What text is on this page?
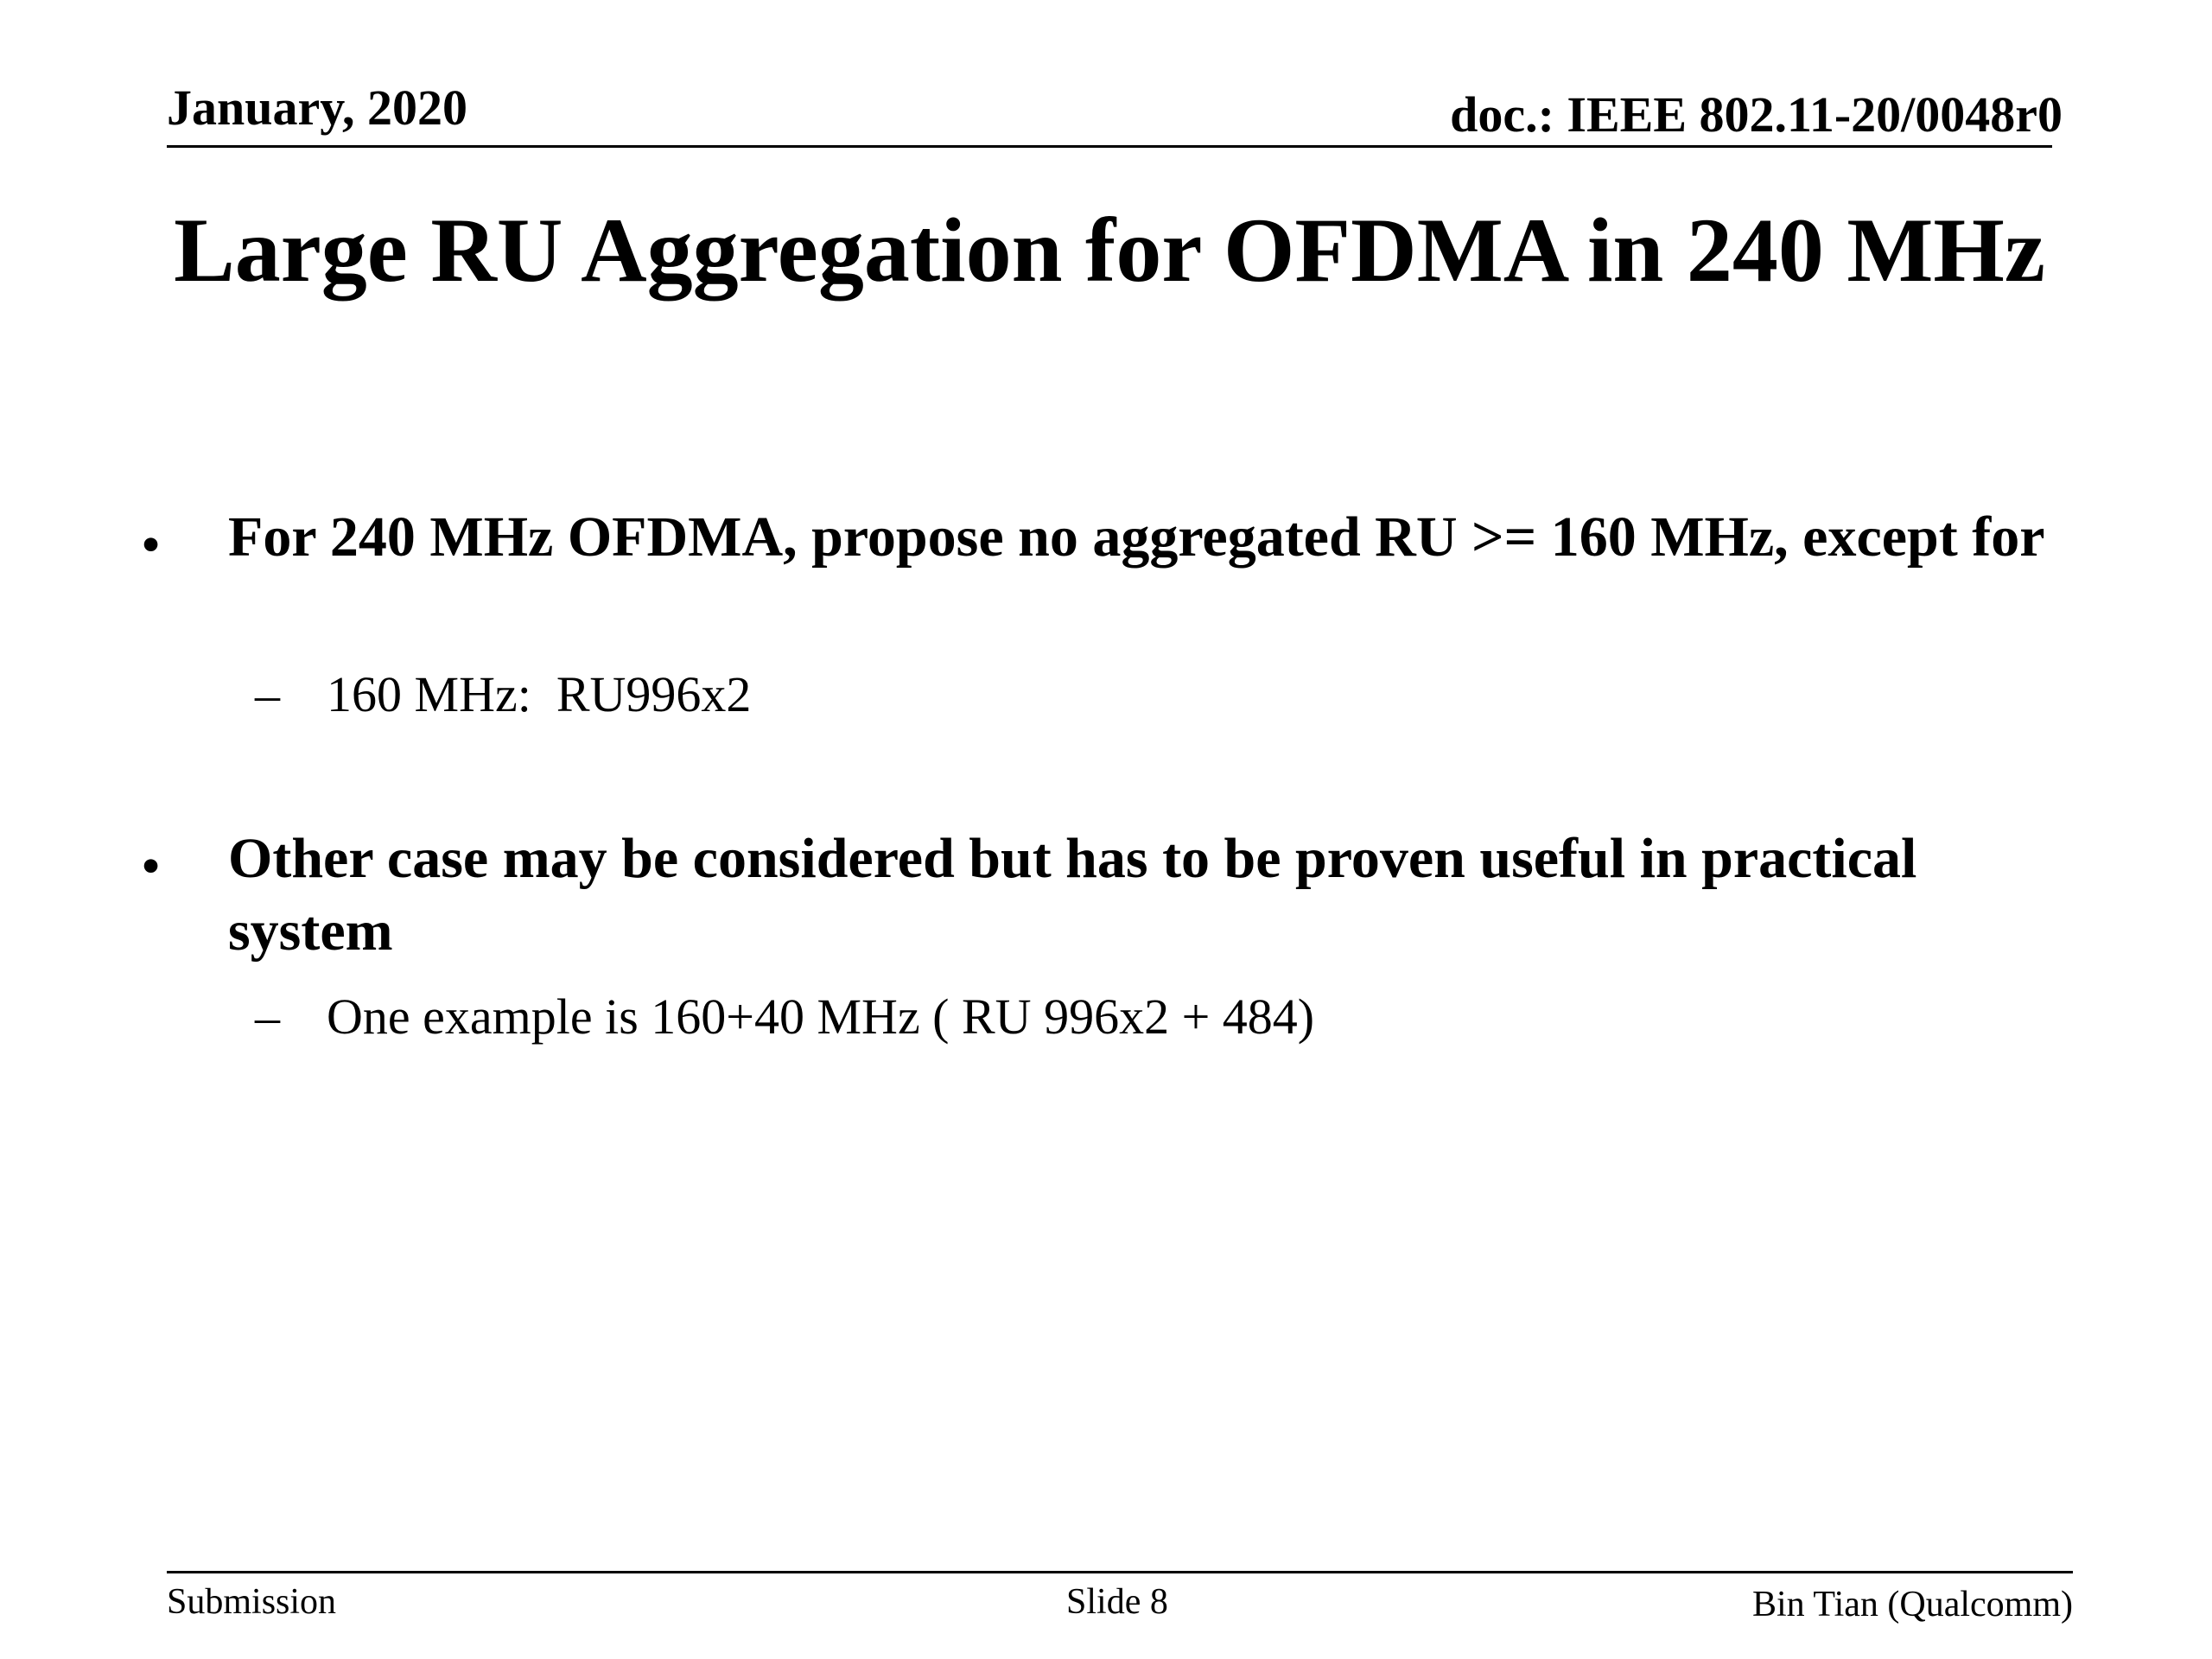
January, 2020	doc.: IEEE 802.11-20/0048r0
Large RU Aggregation for OFDMA in 240 MHz
• For 240 MHz OFDMA, propose no aggregated RU >= 160 MHz, except for
– 160 MHz:  RU996x2
• Other case may be considered but has to be proven useful in practical system
– One example is 160+40 MHz ( RU 996x2 + 484)
Submission	Slide 8	Bin Tian (Qualcomm)
